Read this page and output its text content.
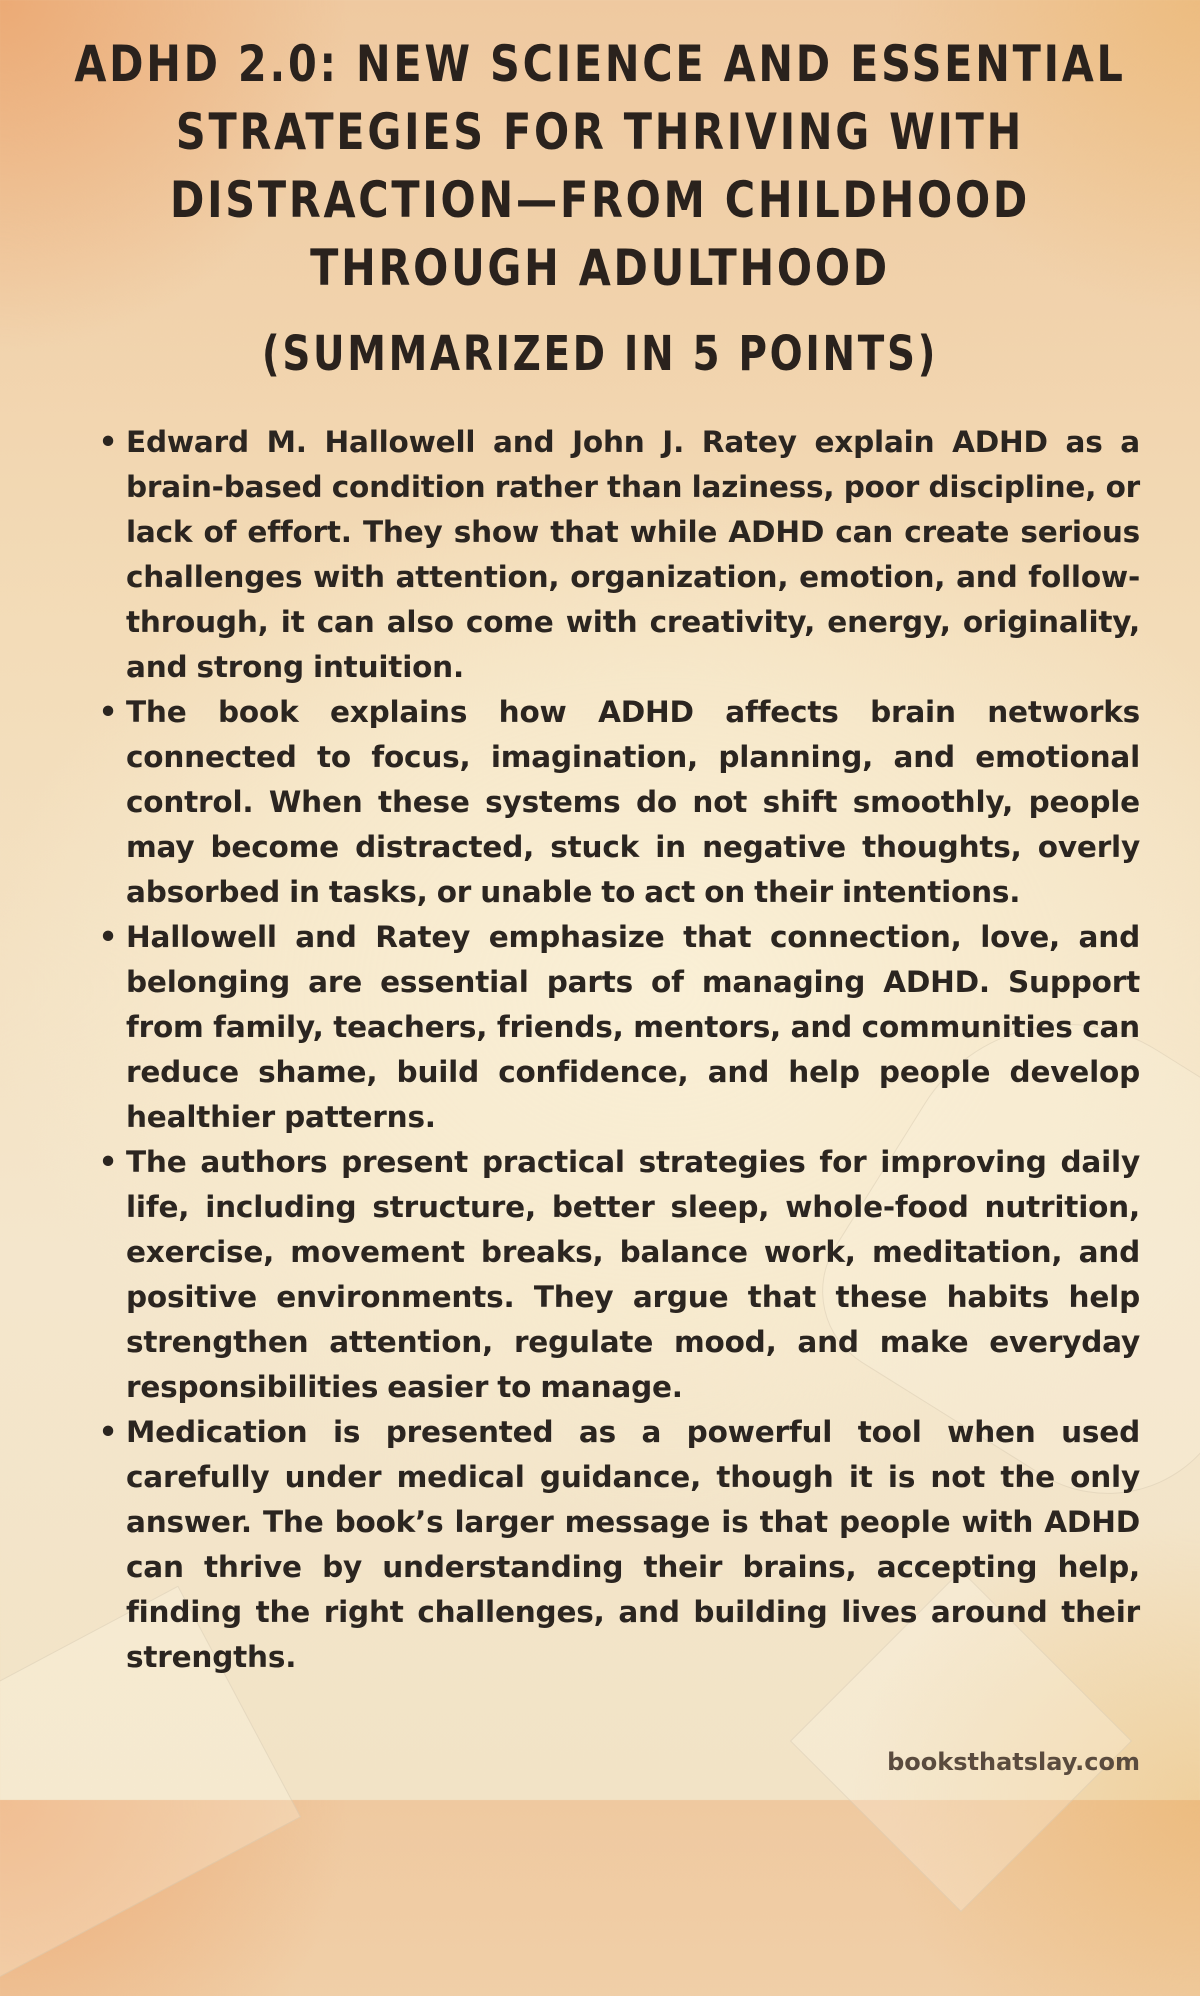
ADHD 2.0: NEW SCIENCE AND ESSENTIAL STRATEGIES FOR THRIVING WITH DISTRACTION—FROM CHILDHOOD THROUGH ADULTHOOD
(SUMMARIZED IN 5 POINTS)
• Edward M. Hallowell and John J. Ratey explain ADHD as a brain-based condition rather than laziness, poor discipline, or lack of effort. They show that while ADHD can create serious challenges with attention, organization, emotion, and follow-through, it can also come with creativity, energy, originality, and strong intuition.
• The book explains how ADHD affects brain networks connected to focus, imagination, planning, and emotional control. When these systems do not shift smoothly, people may become distracted, stuck in negative thoughts, overly absorbed in tasks, or unable to act on their intentions.
• Hallowell and Ratey emphasize that connection, love, and belonging are essential parts of managing ADHD. Support from family, teachers, friends, mentors, and communities can reduce shame, build confidence, and help people develop healthier patterns.
• The authors present practical strategies for improving daily life, including structure, better sleep, whole-food nutrition, exercise, movement breaks, balance work, meditation, and positive environments. They argue that these habits help strengthen attention, regulate mood, and make everyday responsibilities easier to manage.
• Medication is presented as a powerful tool when used carefully under medical guidance, though it is not the only answer. The book’s larger message is that people with ADHD can thrive by understanding their brains, accepting help, finding the right challenges, and building lives around their strengths.
booksthatslay.com
